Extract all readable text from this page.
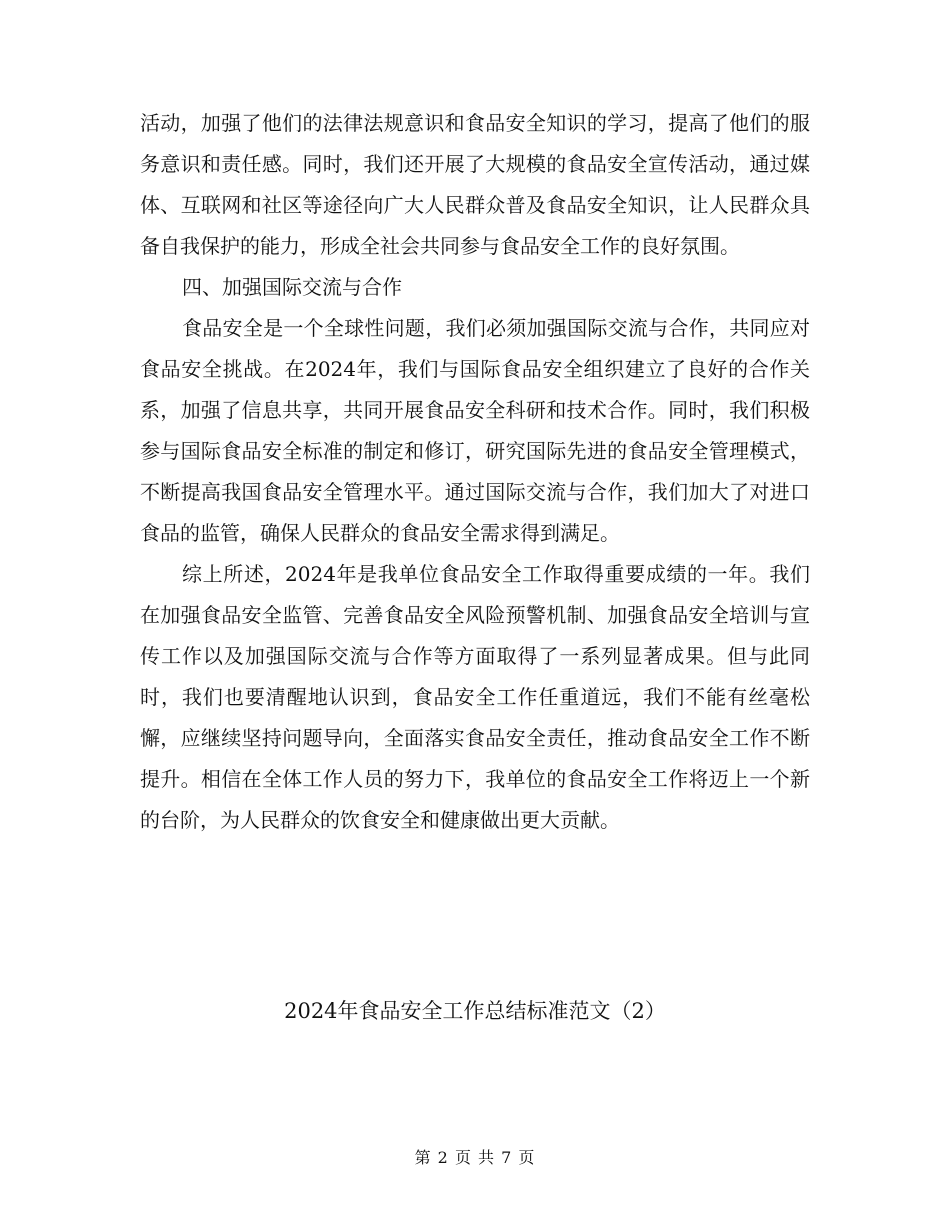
活动，加强了他们的法律法规意识和食品安全知识的学习，提高了他们的服务意识和责任感。同时，我们还开展了大规模的食品安全宣传活动，通过媒体、互联网和社区等途径向广大人民群众普及食品安全知识，让人民群众具备自我保护的能力，形成全社会共同参与食品安全工作的良好氛围。

四、加强国际交流与合作

食品安全是一个全球性问题，我们必须加强国际交流与合作，共同应对食品安全挑战。在2024年，我们与国际食品安全组织建立了良好的合作关系，加强了信息共享，共同开展食品安全科研和技术合作。同时，我们积极参与国际食品安全标准的制定和修订，研究国际先进的食品安全管理模式，不断提高我国食品安全管理水平。通过国际交流与合作，我们加大了对进口食品的监管，确保人民群众的食品安全需求得到满足。

综上所述，2024年是我单位食品安全工作取得重要成绩的一年。我们在加强食品安全监管、完善食品安全风险预警机制、加强食品安全培训与宣传工作以及加强国际交流与合作等方面取得了一系列显著成果。但与此同时，我们也要清醒地认识到，食品安全工作任重道远，我们不能有丝毫松懈，应继续坚持问题导向，全面落实食品安全责任，推动食品安全工作不断提升。相信在全体工作人员的努力下，我单位的食品安全工作将迈上一个新的台阶，为人民群众的饮食安全和健康做出更大贡献。

2024年食品安全工作总结标准范文（2）
第 2 页 共 7 页
